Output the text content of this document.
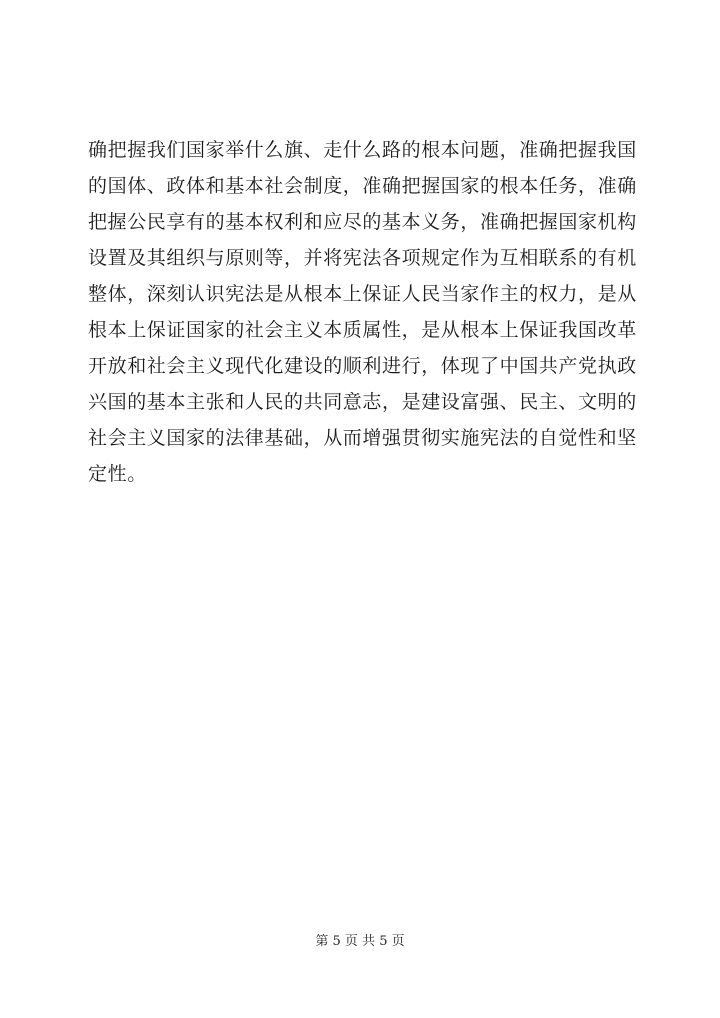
确把握我们国家举什么旗、走什么路的根本问题，准确把握我国
的国体、政体和基本社会制度，准确把握国家的根本任务，准确
把握公民享有的基本权利和应尽的基本义务，准确把握国家机构
设置及其组织与原则等，并将宪法各项规定作为互相联系的有机
整体，深刻认识宪法是从根本上保证人民当家作主的权力，是从
根本上保证国家的社会主义本质属性，是从根本上保证我国改革
开放和社会主义现代化建设的顺利进行，体现了中国共产党执政
兴国的基本主张和人民的共同意志，是建设富强、民主、文明的
社会主义国家的法律基础，从而增强贯彻实施宪法的自觉性和坚
定性。
第 5 页 共 5 页
